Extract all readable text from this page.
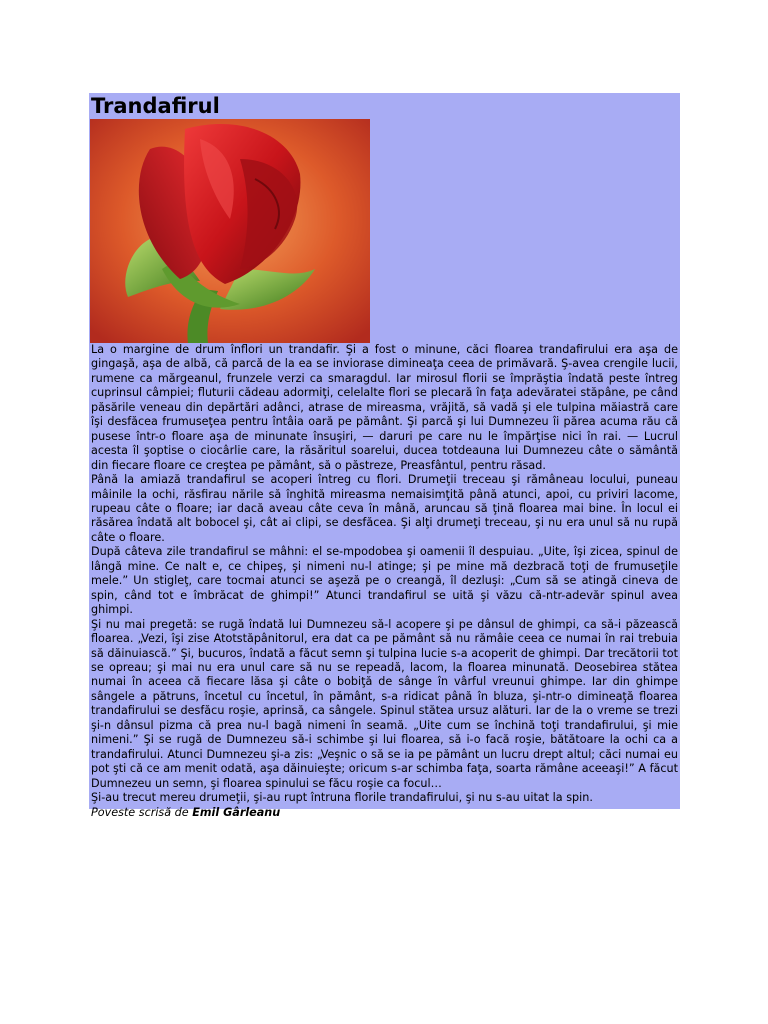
Trandafirul

La o margine de drum înflori un trandafir. Şi a fost o minune, căci floarea trandafirului era aşa de gingaşă, aşa de albă, că parcă de la ea se inviorase dimineaţa ceea de primăvară. Ş-avea crengile lucii, rumene ca mărgeanul, frunzele verzi ca smaragdul. Iar mirosul florii se împrăştia îndată peste întreg cuprinsul câmpiei; fluturii cădeau adormiţi, celelalte flori se plecară în faţa adevăratei stăpâne, pe când păsările veneau din depărtări adânci, atrase de mireasma, vrăjită, să vadă şi ele tulpina măiastră care îşi desfăcea frumuseţea pentru întâia oară pe pământ. Şi parcă şi lui Dumnezeu îi părea acuma rău că pusese într-o floare aşa de minunate însuşiri, — daruri pe care nu le împărţise nici în rai. — Lucrul acesta îl şoptise o ciocârlie care, la răsăritul soarelui, ducea totdeauna lui Dumnezeu câte o sământă din fiecare floare ce creştea pe pământ, să o păstreze, Preasfântul, pentru răsad.

Până la amiază trandafirul se acoperi întreg cu flori. Drumeţii treceau şi rămâneau locului, puneau mâinile la ochi, răsfirau nările să înghită mireasma nemaisimţită până atunci, apoi, cu priviri lacome, rupeau câte o floare; iar dacă aveau câte ceva în mână, aruncau să ţină floarea mai bine. În locul ei răsărea îndată alt bobocel şi, cât ai clipi, se desfăcea. Şi alţi drumeţi treceau, şi nu era unul să nu rupă câte o floare.

După câteva zile trandafirul se mâhni: el se-mpodobea şi oamenii îl despuiau. „Uite, îşi zicea, spinul de lângă mine. Ce nalt e, ce chipeş, şi nimeni nu-l atinge; şi pe mine mă dezbracă toţi de frumuseţile mele.” Un stigleţ, care tocmai atunci se aşeză pe o creangă, îl dezluşi: „Cum să se atingă cineva de spin, când tot e îmbrăcat de ghimpi!” Atunci trandafirul se uită şi văzu că-ntr-adevăr spinul avea ghimpi.

Şi nu mai pregetă: se rugă îndată lui Dumnezeu să-l acopere şi pe dânsul de ghimpi, ca să-i păzească floarea. „Vezi, îşi zise Atotstăpânitorul, era dat ca pe pământ să nu rămâie ceea ce numai în rai trebuia să dăinuiască.” Şi, bucuros, îndată a făcut semn şi tulpina lucie s-a acoperit de ghimpi. Dar trecătorii tot se opreau; şi mai nu era unul care să nu se repeadă, lacom, la floarea minunată. Deosebirea stătea numai în aceea că fiecare lăsa şi câte o bobiţă de sânge în vârful vreunui ghimpe. Iar din ghimpe sângele a pătruns, încetul cu încetul, în pământ, s-a ridicat până în bluza, şi-ntr-o dimineaţă floarea trandafirului se desfăcu roşie, aprinsă, ca sângele. Spinul stătea ursuz alături. Iar de la o vreme se trezi şi-n dânsul pizma că prea nu-l bagă nimeni în seamă. „Uite cum se închină toţi trandafirului, şi mie nimeni.” Şi se rugă de Dumnezeu să-i schimbe şi lui floarea, să i-o facă roşie, bătătoare la ochi ca a trandafirului. Atunci Dumnezeu şi-a zis: „Veşnic o să se ia pe pământ un lucru drept altul; căci numai eu pot şti că ce am menit odată, aşa dăinuieşte; oricum s-ar schimba faţa, soarta rămâne aceeaşi!” A făcut Dumnezeu un semn, şi floarea spinului se făcu roşie ca focul…

Şi-au trecut mereu drumeţii, şi-au rupt întruna florile trandafirului, şi nu s-au uitat la spin.

Poveste scrisă de Emil Gârleanu
